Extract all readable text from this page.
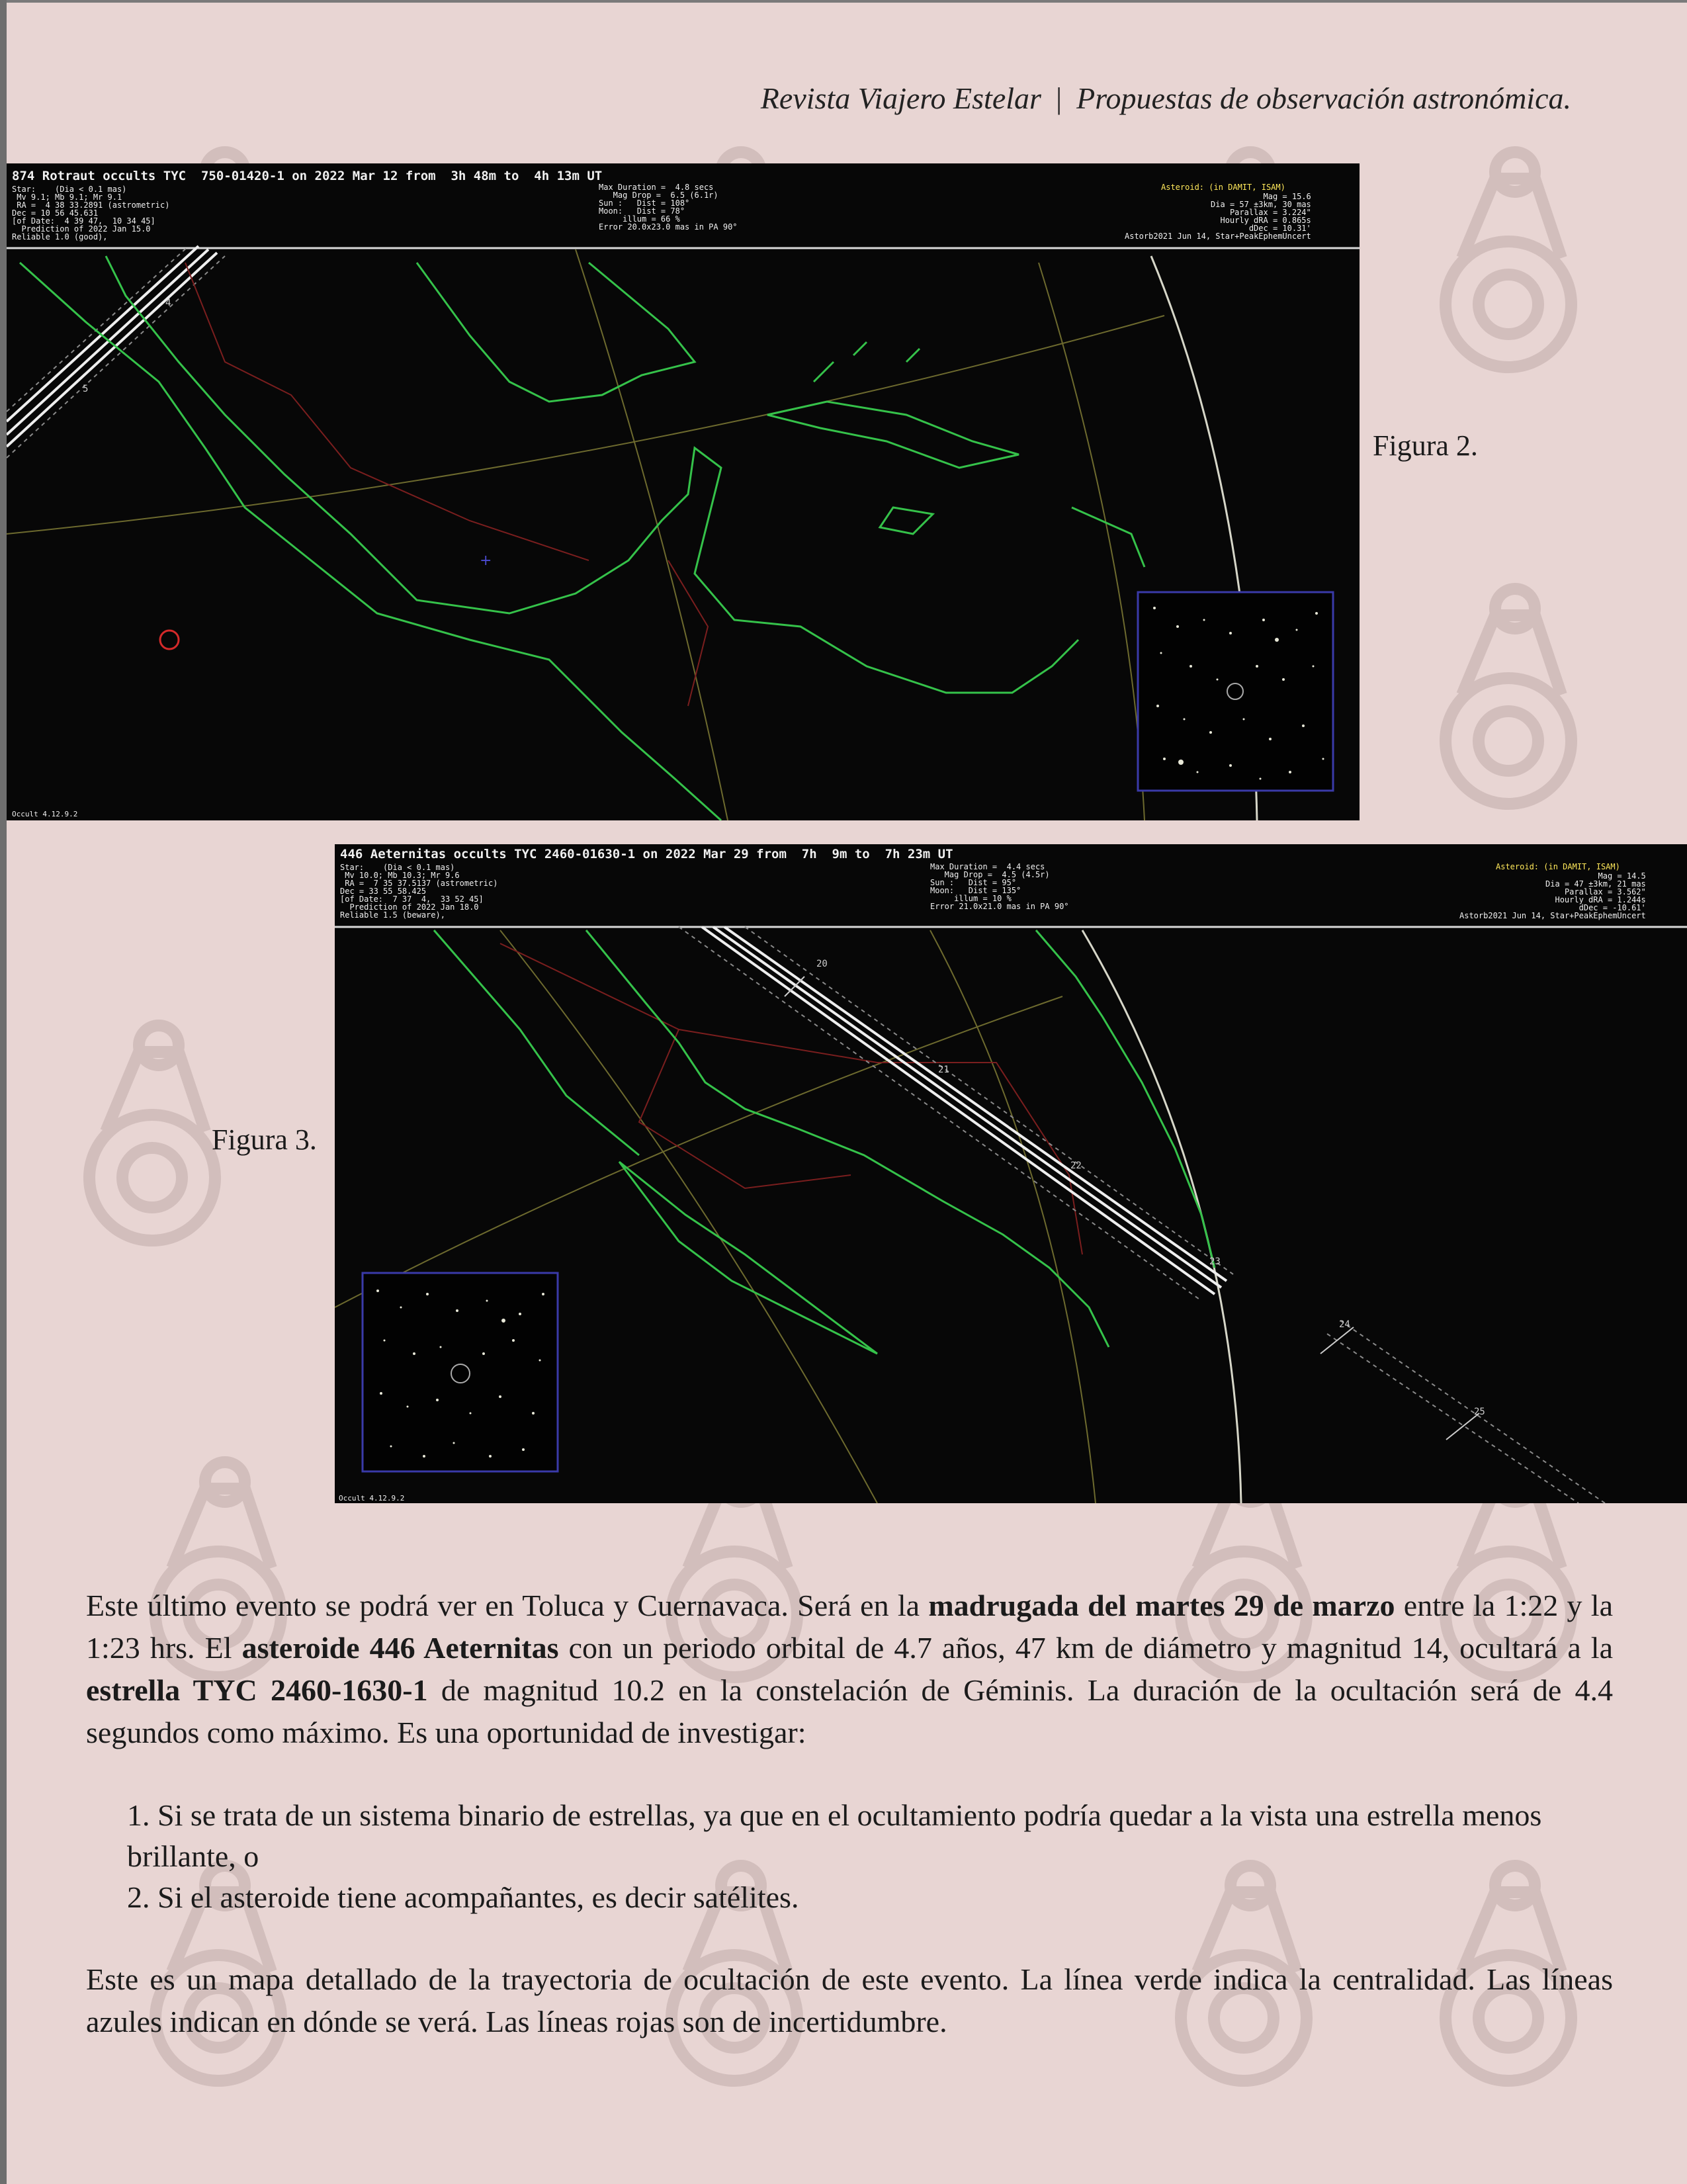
Revista Viajero Estelar | Propuestas de observación astronómica.
4
5
+
874 Rotraut occults TYC  750-01420-1 on 2022 Mar 12 from  3h 48m to  4h 13m UT
Star:    (Dia < 0.1 mas)
Mv 9.1; Mb 9.1; Mr 9.1
RA =  4 38 33.2891 (astrometric)
Dec = 10 56 45.631
[of Date:  4 39 47,  10 34 45]
Prediction of 2022 Jan 15.0
Reliable 1.0 (good),
Max Duration =  4.8 secs
Mag Drop =  6.5 (6.1r)
Sun :   Dist = 108°
Moon:   Dist = 78°
illum = 66 %
Error 20.0x23.0 mas in PA 90°
Asteroid: (in DAMIT, ISAM)
Mag = 15.6
Dia = 57 ±3km, 30 mas
Parallax = 3.224"
Hourly dRA = 0.865s
dDec = 10.31'
Astorb2021 Jun 14, Star+PeakEphemUncert
Occult 4.12.9.2
Figura 2.
20
21
22
23
24
25
446 Aeternitas occults TYC 2460-01630-1 on 2022 Mar 29 from  7h  9m to  7h 23m UT
Star:    (Dia < 0.1 mas)
Mv 10.0; Mb 10.3; Mr 9.6
RA =  7 35 37.5137 (astrometric)
Dec = 33 55 58.425
[of Date:  7 37  4,  33 52 45]
Prediction of 2022 Jan 18.0
Reliable 1.5 (beware),
Max Duration =  4.4 secs
Mag Drop =  4.5 (4.5r)
Sun :   Dist = 95°
Moon:   Dist = 135°
illum = 10 %
Error 21.0x21.0 mas in PA 90°
Asteroid: (in DAMIT, ISAM)
Mag = 14.5
Dia = 47 ±3km, 21 mas
Parallax = 3.562"
Hourly dRA = 1.244s
dDec = -10.61'
Astorb2021 Jun 14, Star+PeakEphemUncert
Occult 4.12.9.2
Figura 3.

Este último evento se podrá ver en Toluca y Cuernavaca. Será en la madrugada del martes 29 de marzo entre la 1:22 y la 1:23 hrs. El asteroide 446 Aeternitas con un periodo orbital de 4.7 años, 47 km de diámetro y magnitud 14, ocultará a la estrella TYC 2460-1630-1 de magnitud 10.2 en la constelación de Géminis. La duración de la ocultación será de 4.4 segundos como máximo. Es una oportunidad de investigar:

1. Si se trata de un sistema binario de estrellas, ya que en el ocultamiento podría quedar a la vista una estrella menos brillante, o
2. Si el asteroide tiene acompañantes, es decir satélites.

Este es un mapa detallado de la trayectoria de ocultación de este evento. La línea verde indica la centralidad. Las líneas azules indican en dónde se verá. Las líneas rojas son de incertidumbre.
